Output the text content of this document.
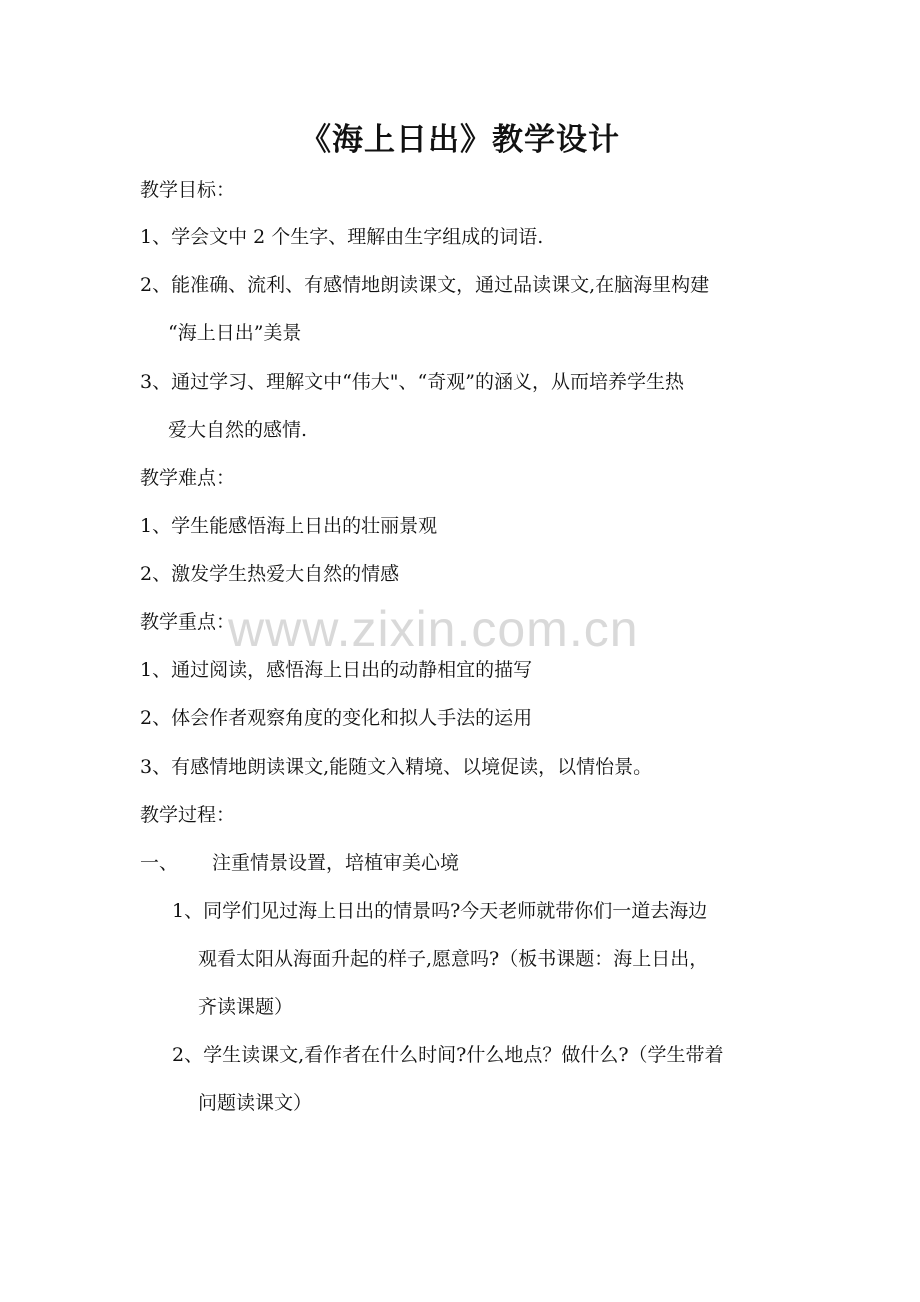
www.zixin.com.cn
《海上日出》教学设计
教学目标：
1、学会文中 2 个生字、理解由生字组成的词语.
2、能准确、流利、有感情地朗读课文，通过品读课文,在脑海里构建
“海上日出”美景
3、通过学习、理解文中“伟大"、“奇观”的涵义，从而培养学生热
爱大自然的感情.
教学难点：
1、学生能感悟海上日出的壮丽景观
2、激发学生热爱大自然的情感
教学重点：
1、通过阅读，感悟海上日出的动静相宜的描写
2、体会作者观察角度的变化和拟人手法的运用
3、有感情地朗读课文,能随文入精境、以境促读，以情怡景。
教学过程：
一、 注重情景设置，培植审美心境
1、同学们见过海上日出的情景吗?今天老师就带你们一道去海边
观看太阳从海面升起的样子,愿意吗?（板书课题：海上日出，
齐读课题）
2、学生读课文,看作者在什么时间?什么地点？做什么?（学生带着
问题读课文）
